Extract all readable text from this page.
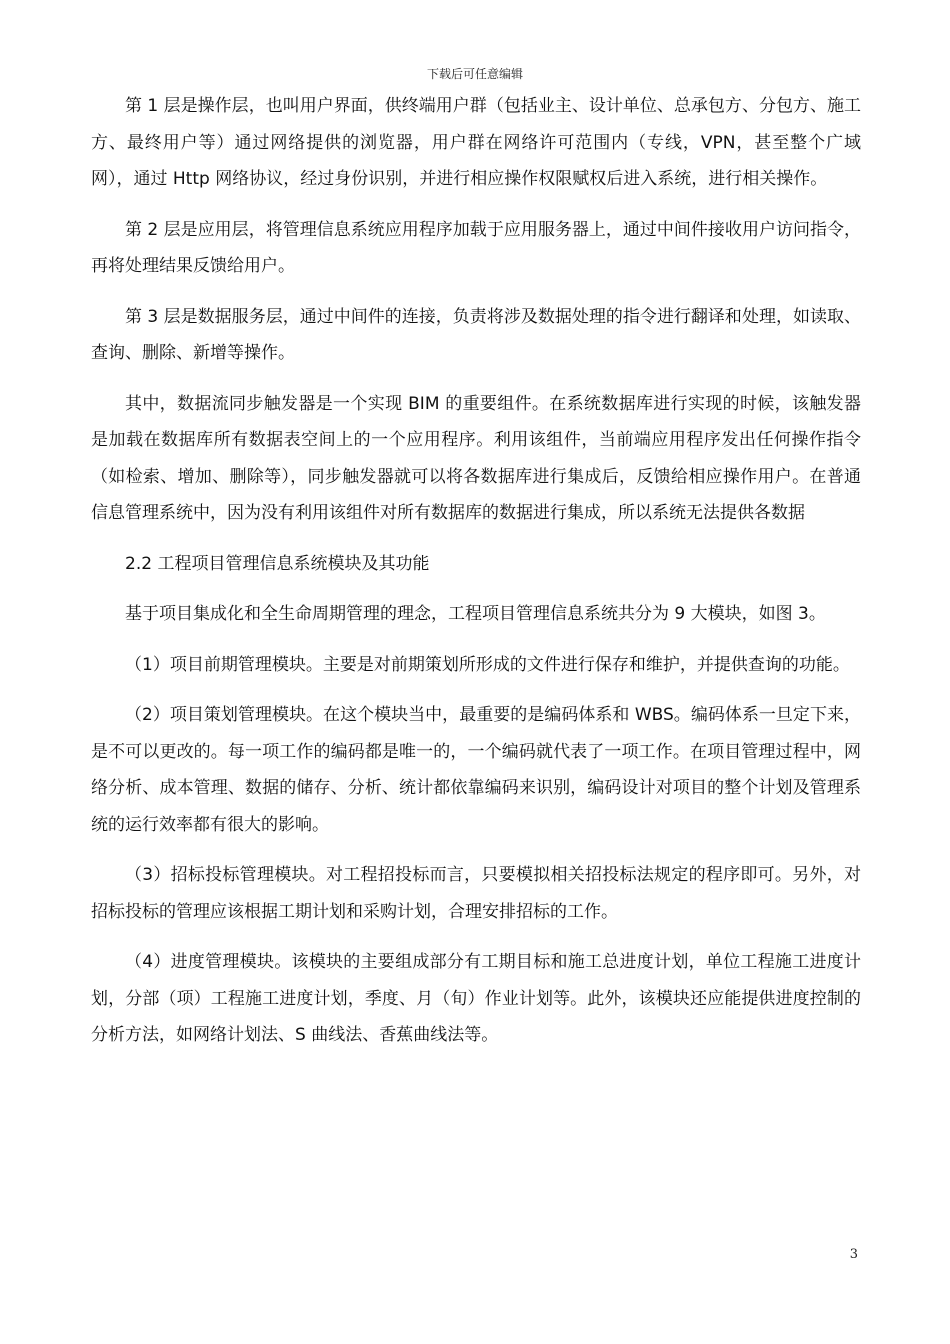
下载后可任意编辑

第 1 层是操作层，也叫用户界面，供终端用户群（包括业主、设计单位、总承包方、分包方、施工方、最终用户等）通过网络提供的浏览器，用户群在网络许可范围内（专线，VPN，甚至整个广域网），通过 Http 网络协议，经过身份识别，并进行相应操作权限赋权后进入系统，进行相关操作。

第 2 层是应用层，将管理信息系统应用程序加载于应用服务器上，通过中间件接收用户访问指令，再将处理结果反馈给用户。

第 3 层是数据服务层，通过中间件的连接，负责将涉及数据处理的指令进行翻译和处理，如读取、查询、删除、新增等操作。

其中，数据流同步触发器是一个实现 BIM 的重要组件。在系统数据库进行实现的时候，该触发器是加载在数据库所有数据表空间上的一个应用程序。利用该组件，当前端应用程序发出任何操作指令（如检索、增加、删除等），同步触发器就可以将各数据库进行集成后，反馈给相应操作用户。在普通信息管理系统中，因为没有利用该组件对所有数据库的数据进行集成，所以系统无法提供各数据

2.2 工程项目管理信息系统模块及其功能

基于项目集成化和全生命周期管理的理念，工程项目管理信息系统共分为 9 大模块，如图 3。

（1）项目前期管理模块。主要是对前期策划所形成的文件进行保存和维护，并提供查询的功能。

（2）项目策划管理模块。在这个模块当中，最重要的是编码体系和 WBS。编码体系一旦定下来，是不可以更改的。每一项工作的编码都是唯一的，一个编码就代表了一项工作。在项目管理过程中，网络分析、成本管理、数据的储存、分析、统计都依靠编码来识别，编码设计对项目的整个计划及管理系统的运行效率都有很大的影响。

（3）招标投标管理模块。对工程招投标而言，只要模拟相关招投标法规定的程序即可。另外，对招标投标的管理应该根据工期计划和采购计划，合理安排招标的工作。

（4）进度管理模块。该模块的主要组成部分有工期目标和施工总进度计划，单位工程施工进度计划，分部（项）工程施工进度计划，季度、月（旬）作业计划等。此外，该模块还应能提供进度控制的分析方法，如网络计划法、S 曲线法、香蕉曲线法等。

3
